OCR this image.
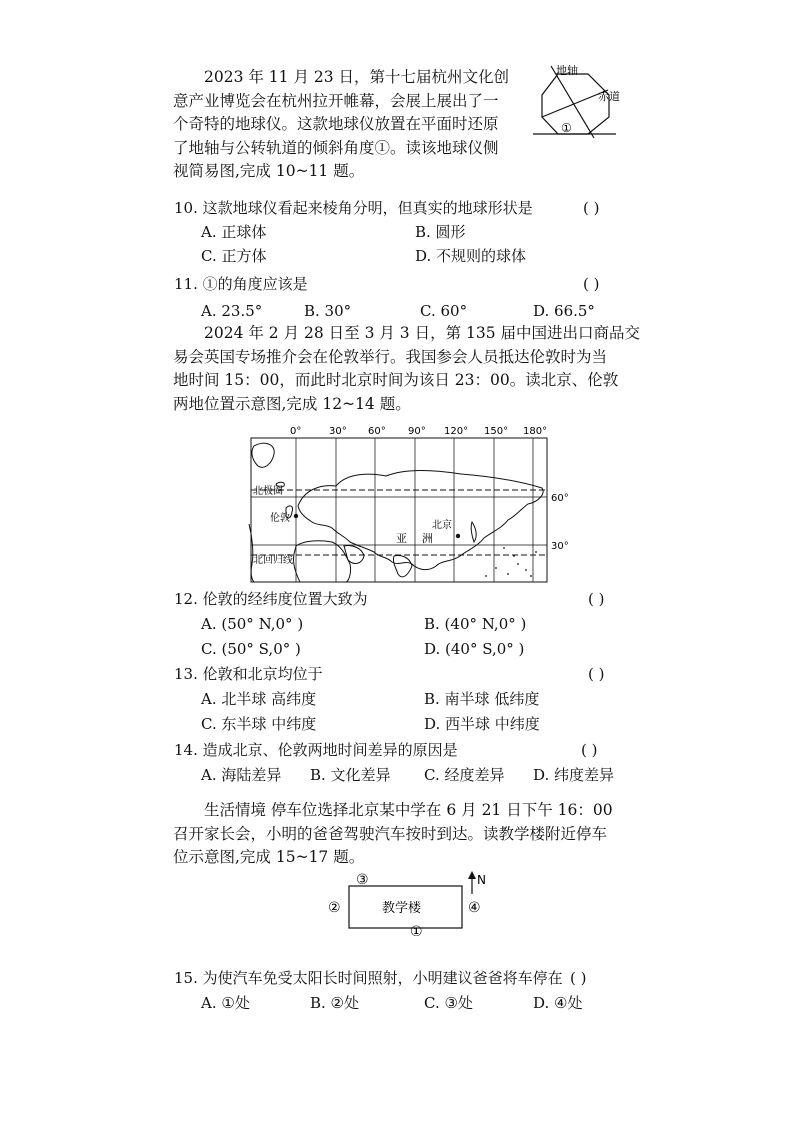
2023 年 11 月 23 日，第十七届杭州文化创
意产业博览会在杭州拉开帷幕，会展上展出了一
个奇特的地球仪。这款地球仪放置在平面时还原
了地轴与公转轨道的倾斜角度①。读该地球仪侧
视简易图,完成 10~11 题。
地轴
赤道
①
10. 这款地球仪看起来棱角分明，但真实的地球形状是	( )
A. 正球体	B. 圆形
C. 正方体	D. 不规则的球体
11. ①的角度应该是	( )
A. 23.5°	B. 30°	C. 60°	D. 66.5°
2024 年 2 月 28 日至 3 月 3 日，第 135 届中国进出口商品交
易会英国专场推介会在伦敦举行。我国参会人员抵达伦敦时为当
地时间 15：00，而此时北京时间为该日 23：00。读北京、伦敦
两地位置示意图,完成 12~14 题。
0°	30° 60° 90° 120° 150° 180°
60°
30°
北极圈
北回归线
伦敦
北京
亚 洲
12. 伦敦的经纬度位置大致为	( )
A. (50° N,0° )	B. (40° N,0° )
C. (50° S,0° )	D. (40° S,0° )
13. 伦敦和北京均位于	( )
A. 北半球 高纬度	B. 南半球 低纬度
C. 东半球 中纬度	D. 西半球 中纬度
14. 造成北京、伦敦两地时间差异的原因是	( )
A. 海陆差异 B. 文化差异 C. 经度差异 D. 纬度差异
生活情境 停车位选择北京某中学在 6 月 21 日下午 16：00
召开家长会，小明的爸爸驾驶汽车按时到达。读教学楼附近停车
位示意图,完成 15~17 题。
教学楼
N
③
②	④
①
15. 为使汽车免受太阳长时间照射，小明建议爸爸将车停在 ( )
A. ①处	B. ②处	C. ③处	D. ④处
